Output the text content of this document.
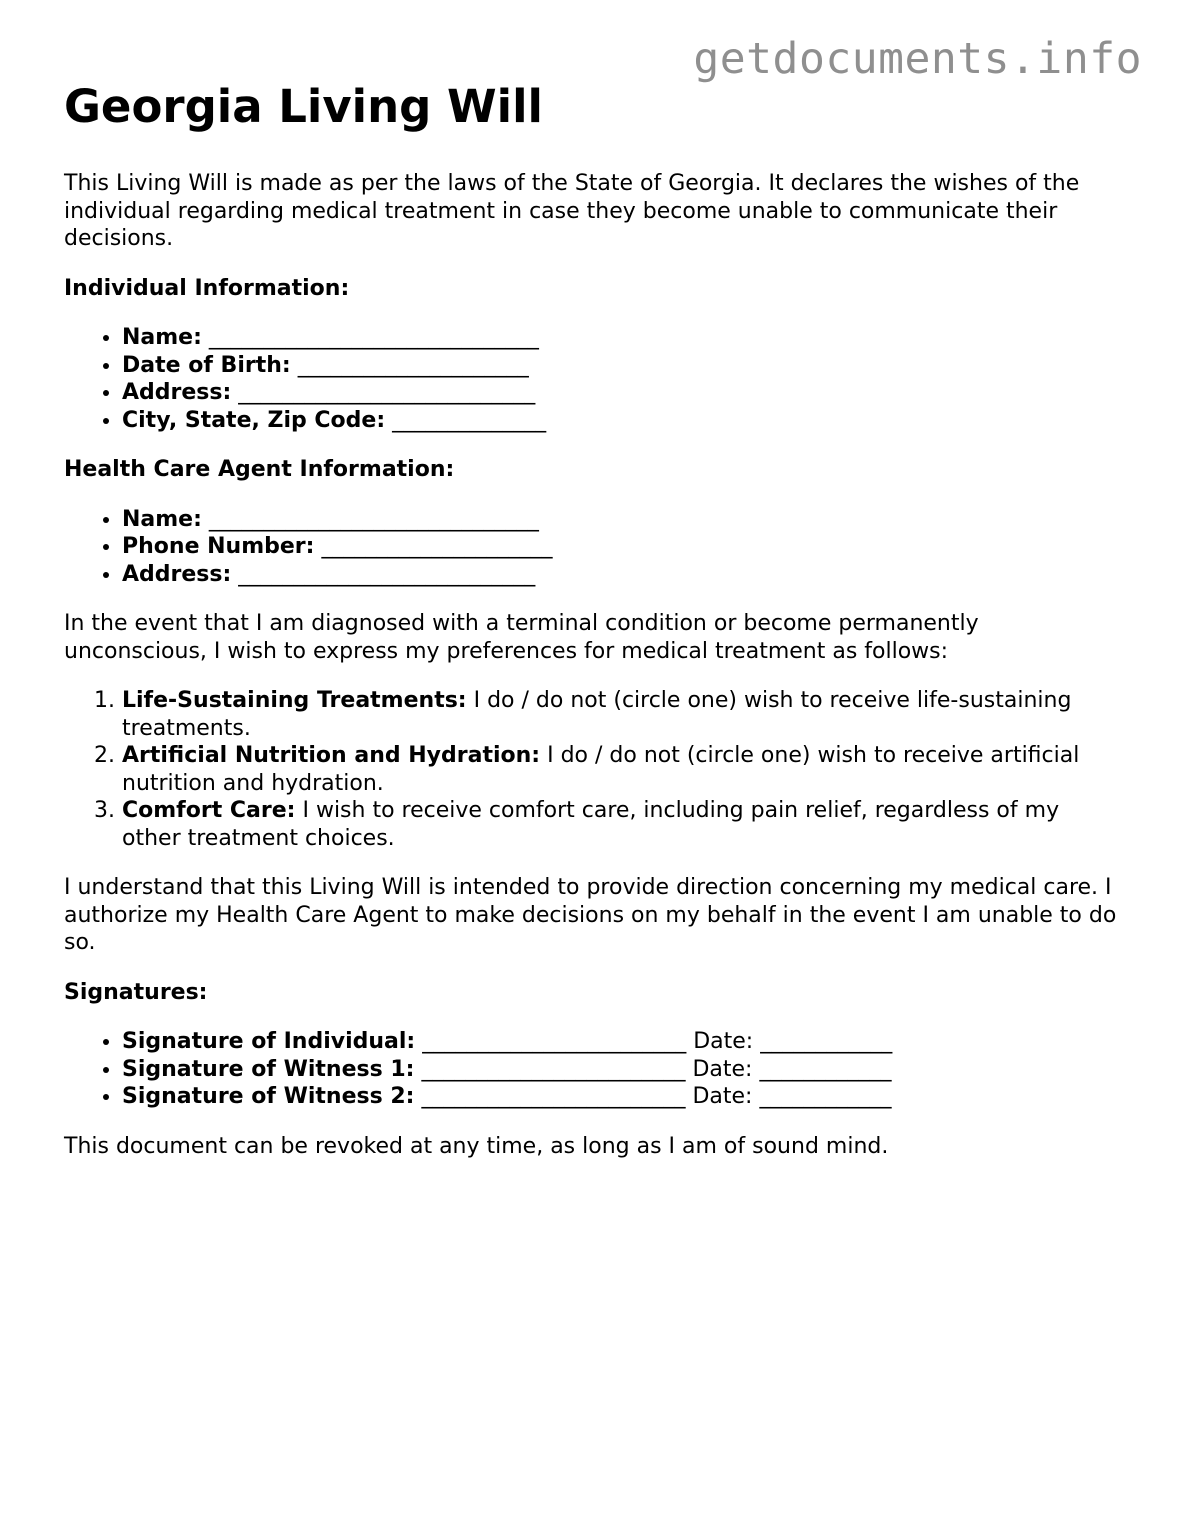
getdocuments.info
Georgia Living Will

This Living Will is made as per the laws of the State of Georgia. It declares the wishes of the individual regarding medical treatment in case they become unable to communicate their decisions.

Individual Information:

• Name: ______________________________
• Date of Birth: _____________________
• Address: ___________________________
• City, State, Zip Code: ______________

Health Care Agent Information:

• Name: ______________________________
• Phone Number: _____________________
• Address: ___________________________

In the event that I am diagnosed with a terminal condition or become permanently unconscious, I wish to express my preferences for medical treatment as follows:

1. Life-Sustaining Treatments: I do / do not (circle one) wish to receive life-sustaining treatments.
2. Artificial Nutrition and Hydration: I do / do not (circle one) wish to receive artificial nutrition and hydration.
3. Comfort Care: I wish to receive comfort care, including pain relief, regardless of my other treatment choices.

I understand that this Living Will is intended to provide direction concerning my medical care. I authorize my Health Care Agent to make decisions on my behalf in the event I am unable to do so.

Signatures:

• Signature of Individual: ________________________ Date: ____________
• Signature of Witness 1: ________________________ Date: ____________
• Signature of Witness 2: ________________________ Date: ____________

This document can be revoked at any time, as long as I am of sound mind.
